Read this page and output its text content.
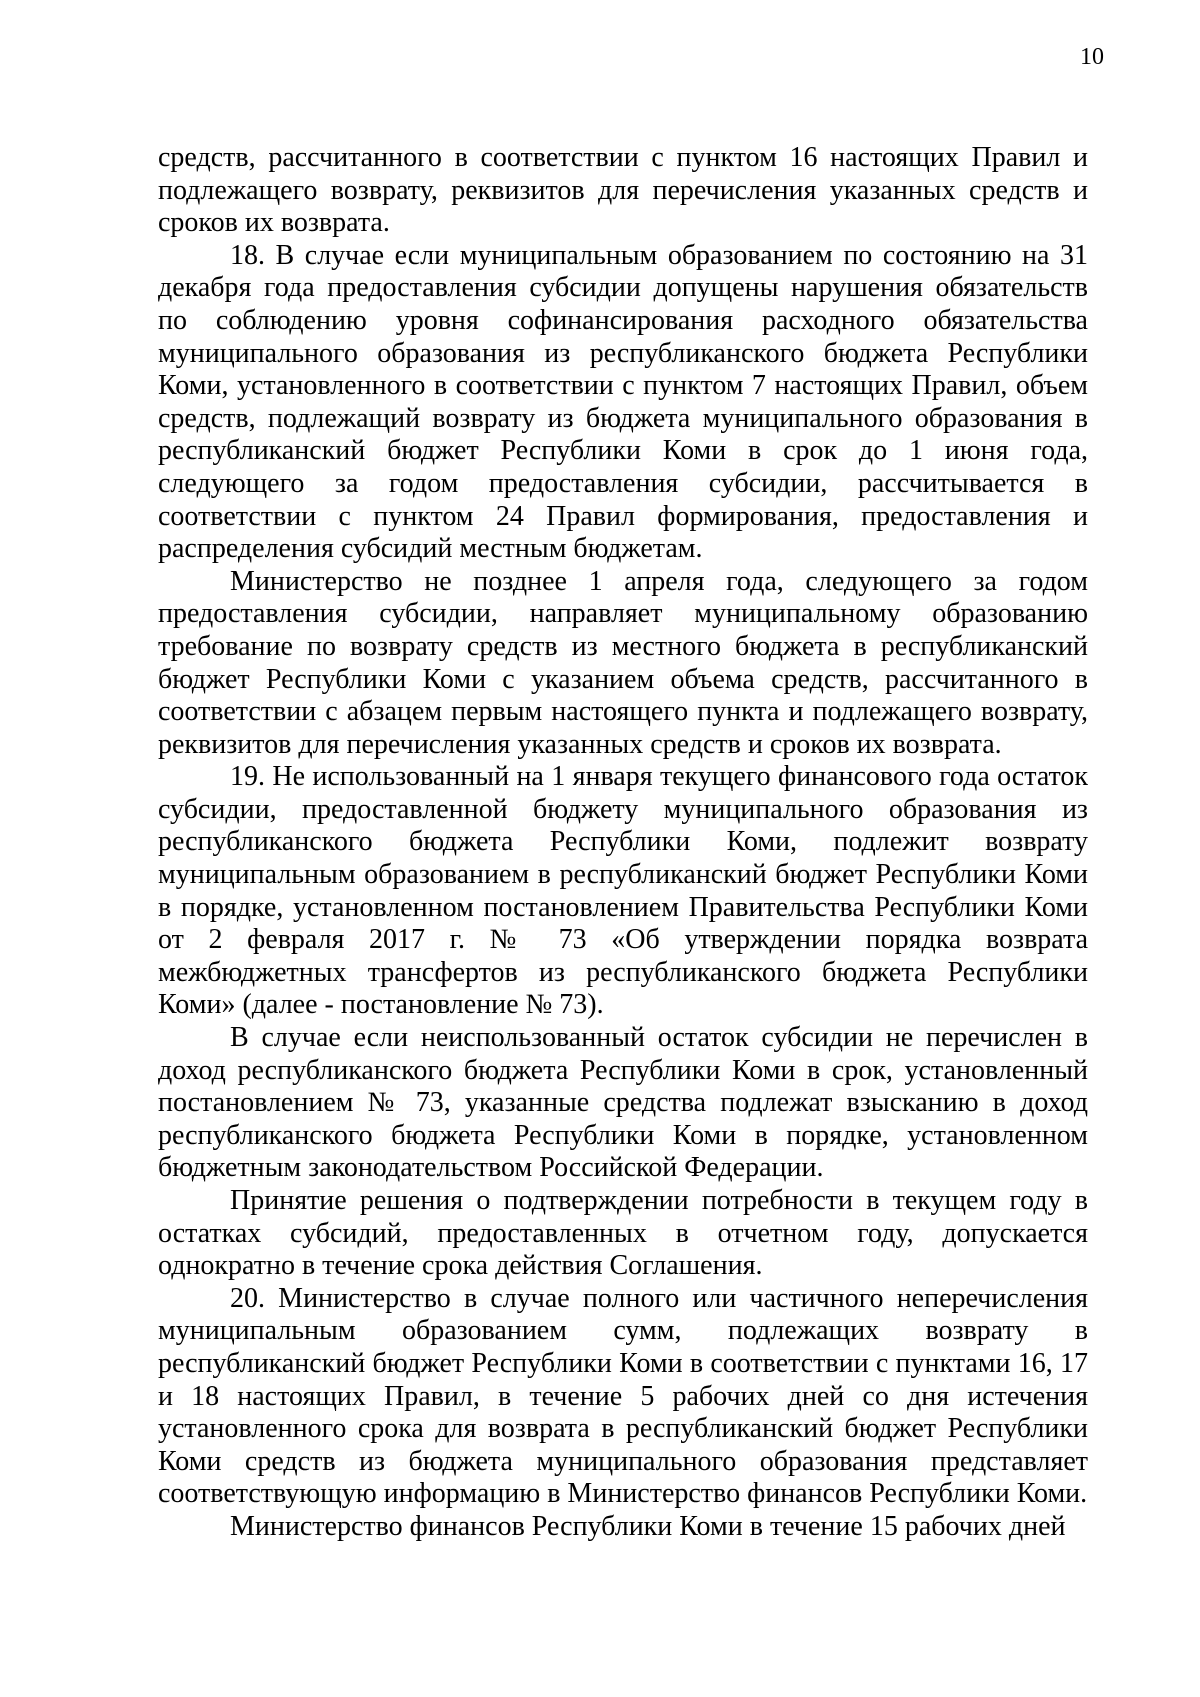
10

средств, рассчитанного в соответствии с пунктом 16 настоящих Правил и подлежащего возврату, реквизитов для перечисления указанных средств и сроков их возврата.

18. В случае если муниципальным образованием по состоянию на 31 декабря года предоставления субсидии допущены нарушения обязательств по соблюдению уровня софинансирования расходного обязательства муниципального образования из республиканского бюджета Республики Коми, установленного в соответствии с пунктом 7 настоящих Правил, объем средств, подлежащий возврату из бюджета муниципального образования в республиканский бюджет Республики Коми в срок до 1 июня года, следующего за годом предоставления субсидии, рассчитывается в соответствии с пунктом 24 Правил формирования, предоставления и распределения субсидий местным бюджетам.

Министерство не позднее 1 апреля года, следующего за годом предоставления субсидии, направляет муниципальному образованию требование по возврату средств из местного бюджета в республиканский бюджет Республики Коми с указанием объема средств, рассчитанного в соответствии с абзацем первым настоящего пункта и подлежащего возврату, реквизитов для перечисления указанных средств и сроков их возврата.

19. Не использованный на 1 января текущего финансового года остаток субсидии, предоставленной бюджету муниципального образования из республиканского бюджета Республики Коми, подлежит возврату муниципальным образованием в республиканский бюджет Республики Коми в порядке, установленном постановлением Правительства Республики Коми от 2 февраля 2017 г. № 73 «Об утверждении порядка возврата межбюджетных трансфертов из республиканского бюджета Республики Коми» (далее - постановление № 73).

В случае если неиспользованный остаток субсидии не перечислен в доход республиканского бюджета Республики Коми в срок, установленный постановлением № 73, указанные средства подлежат взысканию в доход республиканского бюджета Республики Коми в порядке, установленном бюджетным законодательством Российской Федерации.

Принятие решения о подтверждении потребности в текущем году в остатках субсидий, предоставленных в отчетном году, допускается однократно в течение срока действия Соглашения.

20. Министерство в случае полного или частичного неперечисления муниципальным образованием сумм, подлежащих возврату в республиканский бюджет Республики Коми в соответствии с пунктами 16, 17 и 18 настоящих Правил, в течение 5 рабочих дней со дня истечения установленного срока для возврата в республиканский бюджет Республики Коми средств из бюджета муниципального образования представляет соответствующую информацию в Министерство финансов Республики Коми.

Министерство финансов Республики Коми в течение 15 рабочих дней
